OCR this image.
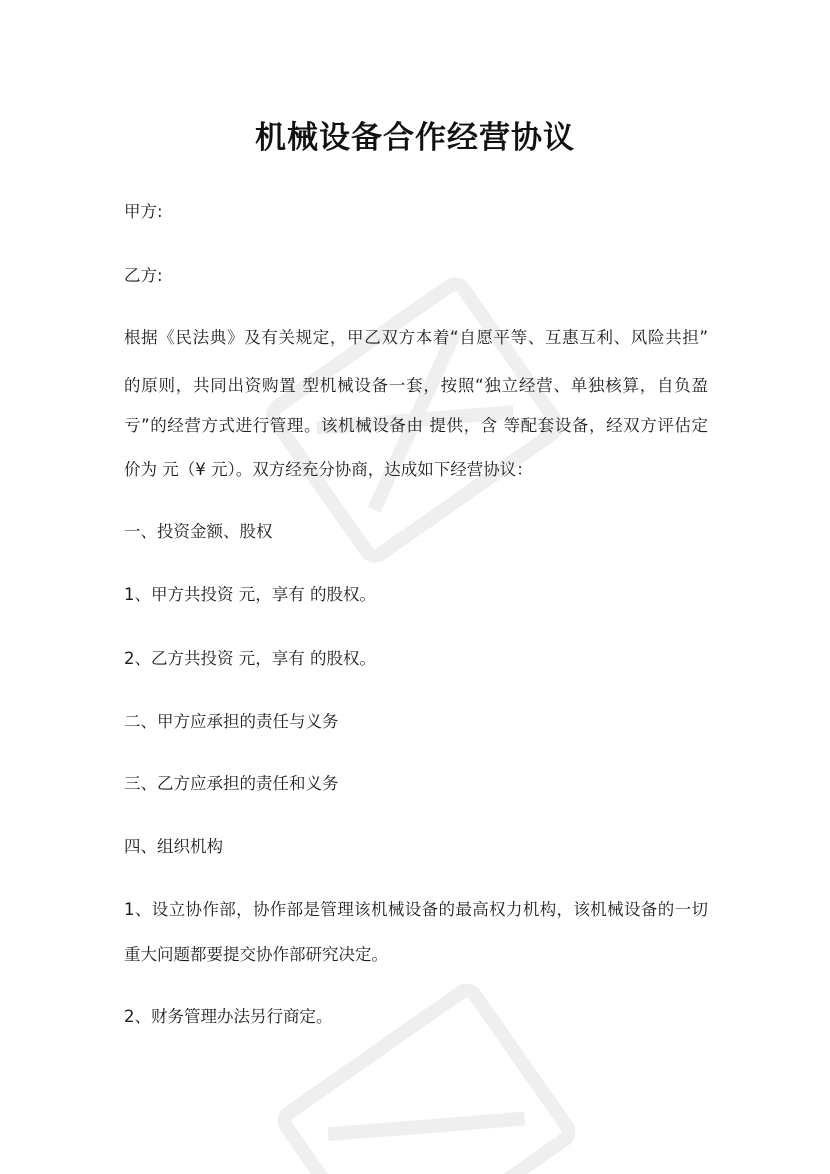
机械设备合作经营协议
甲方:
乙方:
根据《民法典》及有关规定，甲乙双方本着“自愿平等、互惠互利、风险共担”
的原则，共同出资购置 型机械设备一套，按照“独立经营、单独核算，自负盈
亏”的经营方式进行管理。该机械设备由 提供，含 等配套设备，经双方评估定
价为 元（¥ 元）。双方经充分协商，达成如下经营协议：
一、投资金额、股权
1、甲方共投资 元，享有 的股权。
2、乙方共投资 元，享有 的股权。
二、甲方应承担的责任与义务
三、乙方应承担的责任和义务
四、组织机构
1、设立协作部，协作部是管理该机械设备的最高权力机构，该机械设备的一切
重大问题都要提交协作部研究决定。
2、财务管理办法另行商定。
